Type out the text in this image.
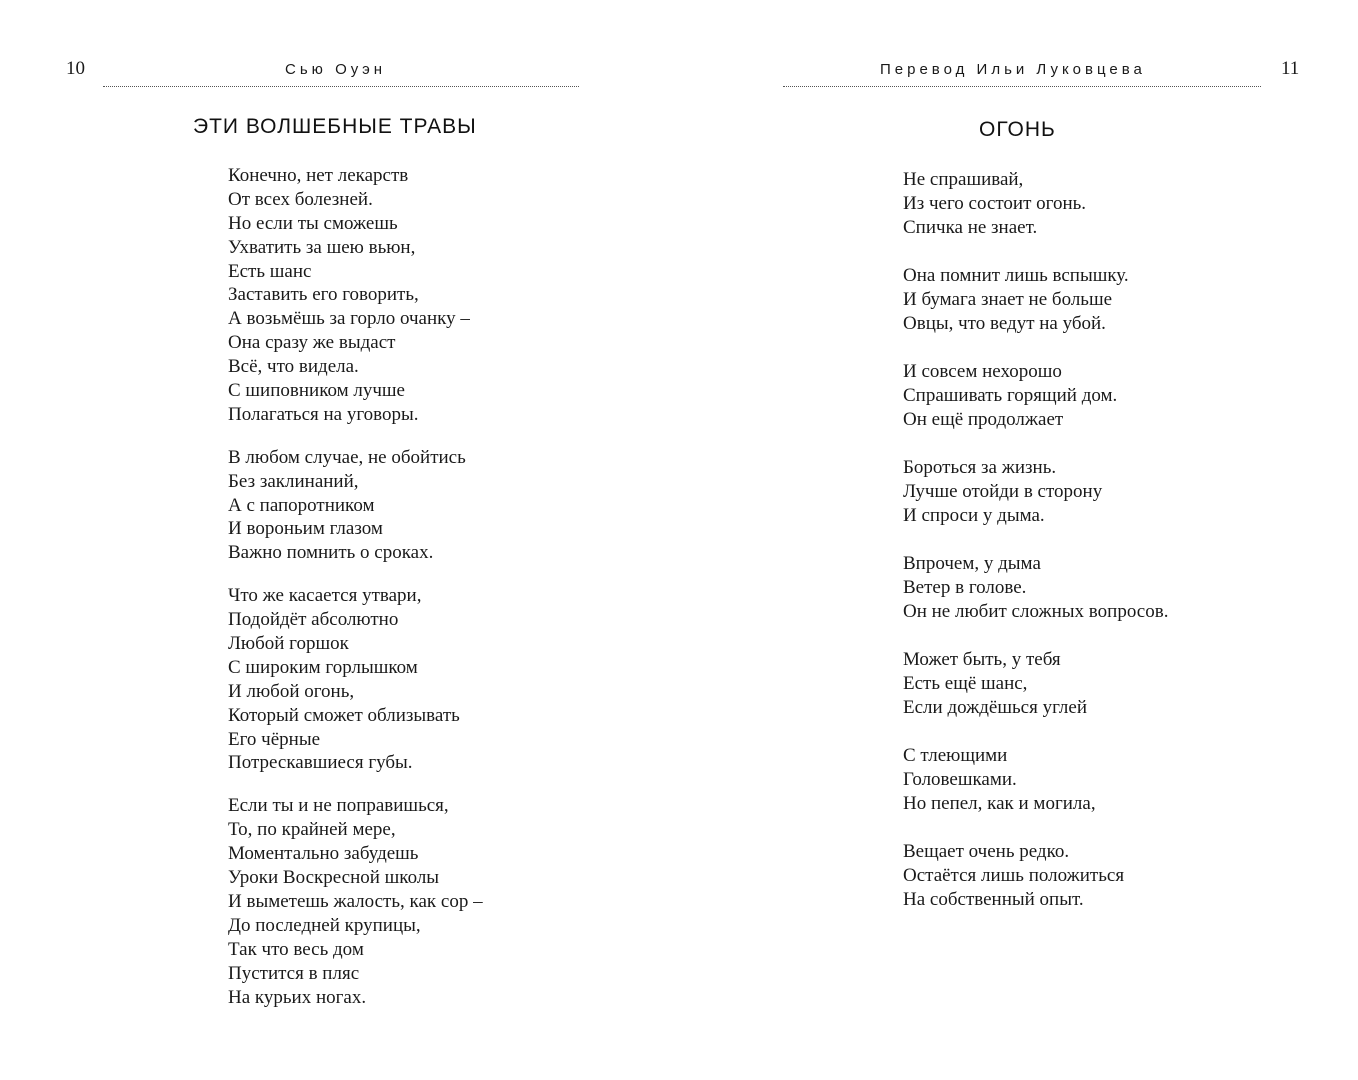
10	Сью Оуэн
ЭТИ ВОЛШЕБНЫЕ ТРАВЫ
Конечно, нет лекарств
От всех болезней.
Но если ты сможешь
Ухватить за шею вьюн,
Есть шанс
Заставить его говорить,
А возьмёшь за горло очанку –
Она сразу же выдаст
Всё, что видела.
С шиповником лучше
Полагаться на уговоры.
В любом случае, не обойтись
Без заклинаний,
А с папоротником
И вороньим глазом
Важно помнить о сроках.
Что же касается утвари,
Подойдёт абсолютно
Любой горшок
С широким горлышком
И любой огонь,
Который сможет облизывать
Его чёрные
Потрескавшиеся губы.
Если ты и не поправишься,
То, по крайней мере,
Моментально забудешь
Уроки Воскресной школы
И выметешь жалость, как сор –
До последней крупицы,
Так что весь дом
Пустится в пляс
На курьих ногах.
Перевод Ильи Луковцева	11
ОГОНЬ
Не спрашивай,
Из чего состоит огонь.
Спичка не знает.
Она помнит лишь вспышку.
И бумага знает не больше
Овцы, что ведут на убой.
И совсем нехорошо
Спрашивать горящий дом.
Он ещё продолжает
Бороться за жизнь.
Лучше отойди в сторону
И спроси у дыма.
Впрочем, у дыма
Ветер в голове.
Он не любит сложных вопросов.
Может быть, у тебя
Есть ещё шанс,
Если дождёшься углей
С тлеющими
Головешками.
Но пепел, как и могила,
Вещает очень редко.
Остаётся лишь положиться
На собственный опыт.
